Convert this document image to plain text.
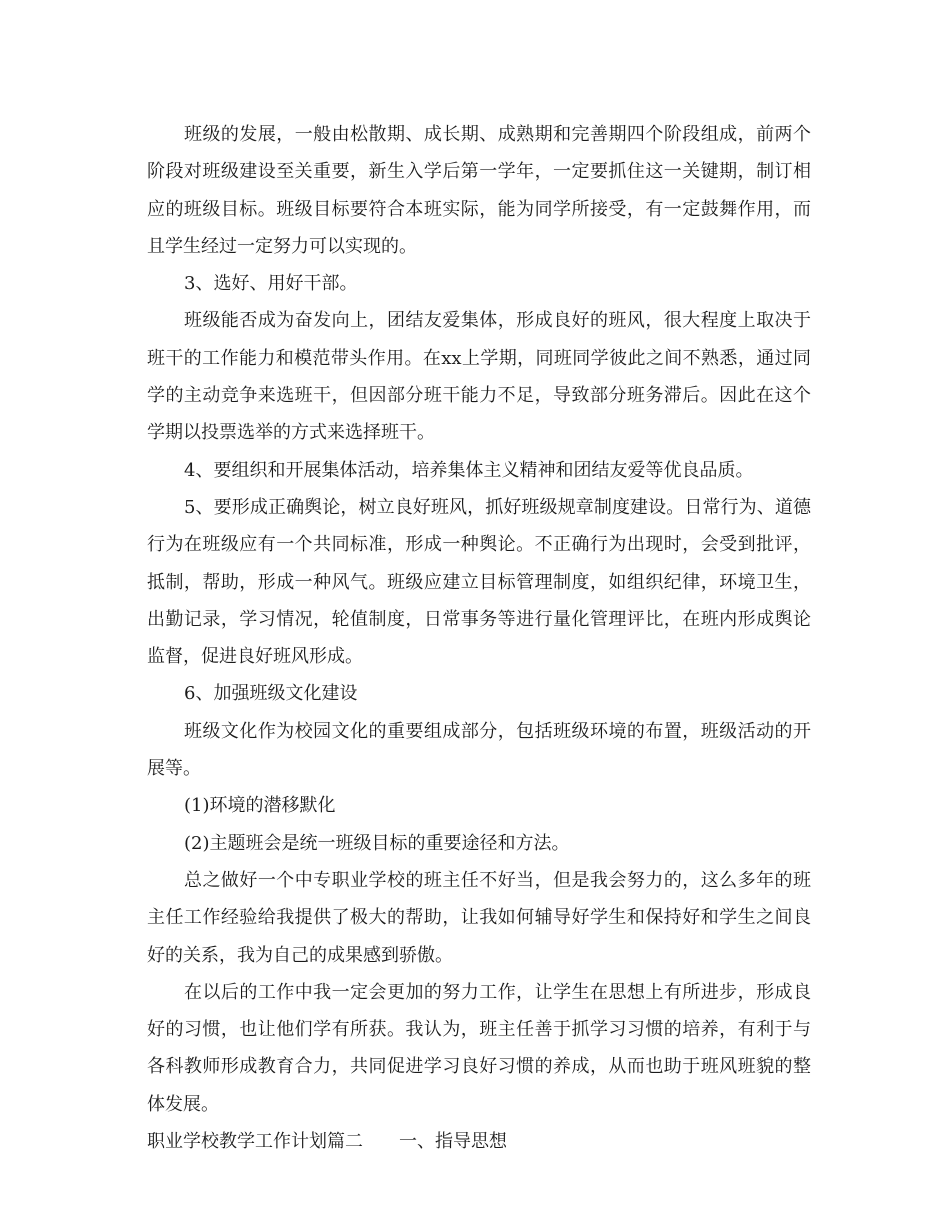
班级的发展，一般由松散期、成长期、成熟期和完善期四个阶段组成，前两个阶段对班级建设至关重要，新生入学后第一学年，一定要抓住这一关键期，制订相应的班级目标。班级目标要符合本班实际，能为同学所接受，有一定鼓舞作用，而且学生经过一定努力可以实现的。

3、选好、用好干部。

班级能否成为奋发向上，团结友爱集体，形成良好的班风，很大程度上取决于班干的工作能力和模范带头作用。在xx上学期，同班同学彼此之间不熟悉，通过同学的主动竞争来选班干，但因部分班干能力不足，导致部分班务滞后。因此在这个学期以投票选举的方式来选择班干。

4、要组织和开展集体活动，培养集体主义精神和团结友爱等优良品质。

5、要形成正确舆论，树立良好班风，抓好班级规章制度建设。日常行为、道德行为在班级应有一个共同标准，形成一种舆论。不正确行为出现时，会受到批评，抵制，帮助，形成一种风气。班级应建立目标管理制度，如组织纪律，环境卫生，出勤记录，学习情况，轮值制度，日常事务等进行量化管理评比，在班内形成舆论监督，促进良好班风形成。

6、加强班级文化建设

班级文化作为校园文化的重要组成部分，包括班级环境的布置，班级活动的开展等。

(1)环境的潜移默化

(2)主题班会是统一班级目标的重要途径和方法。

总之做好一个中专职业学校的班主任不好当，但是我会努力的，这么多年的班主任工作经验给我提供了极大的帮助，让我如何辅导好学生和保持好和学生之间良好的关系，我为自己的成果感到骄傲。

在以后的工作中我一定会更加的努力工作，让学生在思想上有所进步，形成良好的习惯，也让他们学有所获。我认为，班主任善于抓学习习惯的培养，有利于与各科教师形成教育合力，共同促进学习良好习惯的养成，从而也助于班风班貌的整体发展。

职业学校教学工作计划篇二 一、指导思想
